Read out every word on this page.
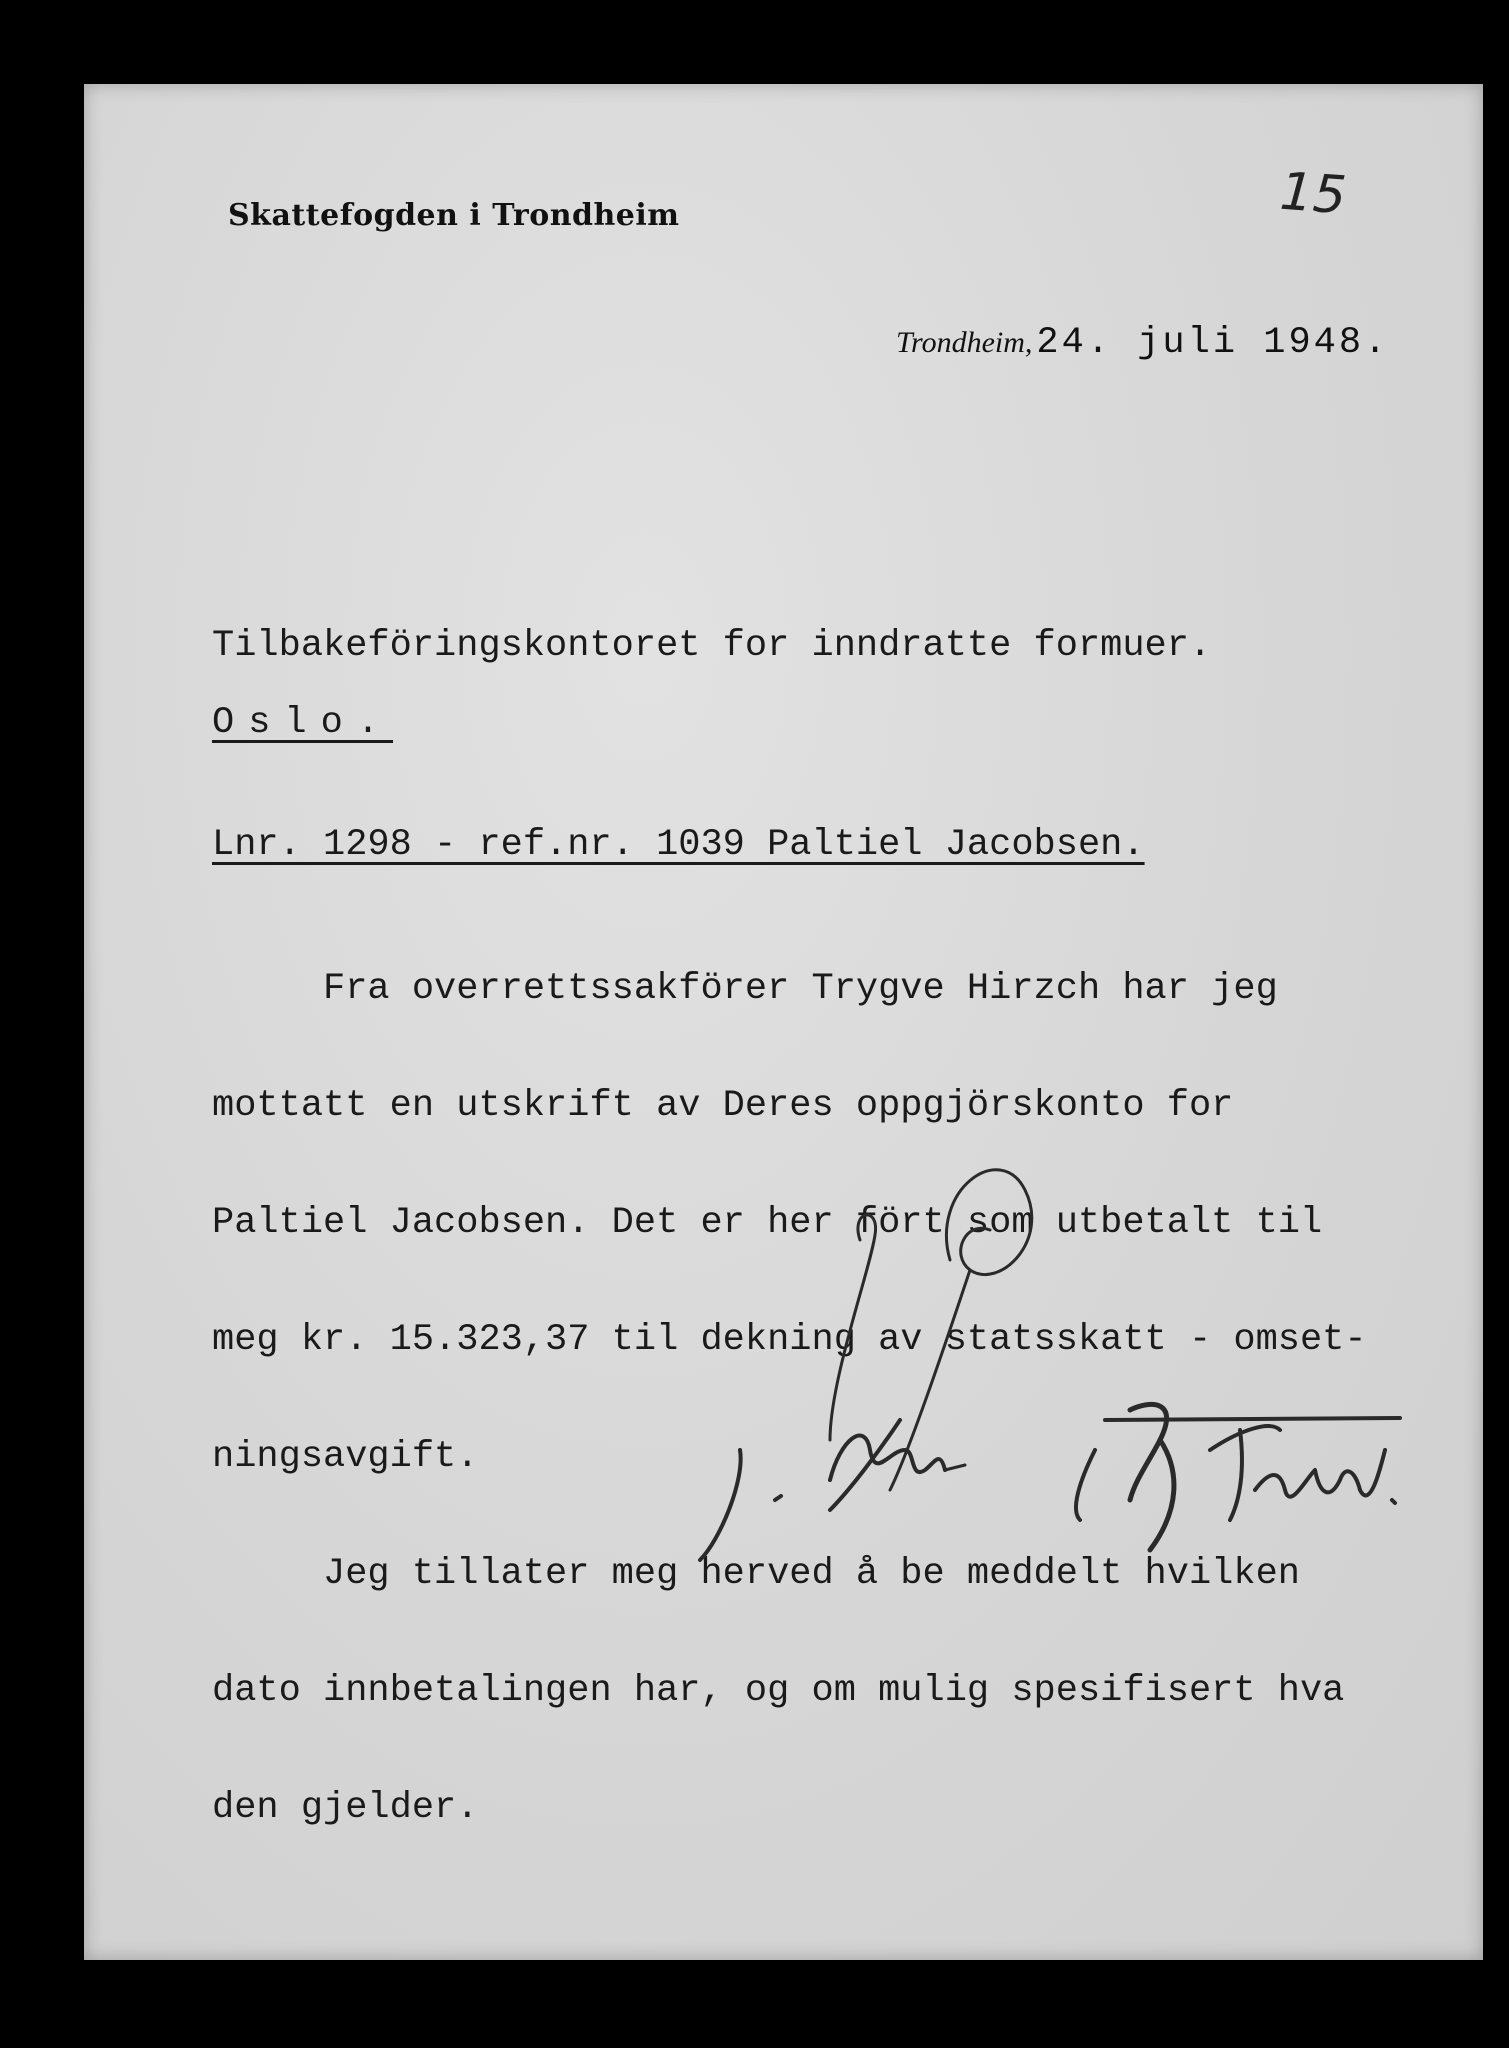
Skattefogden i Trondheim	15
Trondheim, 24. juli 1948.
Tilbakeföringskontoret for inndratte formuer.
Oslo.
Lnr. 1298 - ref.nr. 1039 Paltiel Jacobsen.

Fra overrettssakförer Trygve Hirzch har jeg

mottatt en utskrift av Deres oppgjörskonto for

Paltiel Jacobsen. Det er her fört som utbetalt til

meg kr. 15.323,37 til dekning av statsskatt - omset-

ningsavgift.

Jeg tillater meg herved å be meddelt hvilken

dato innbetalingen har, og om mulig spesifisert hva

den gjelder.
